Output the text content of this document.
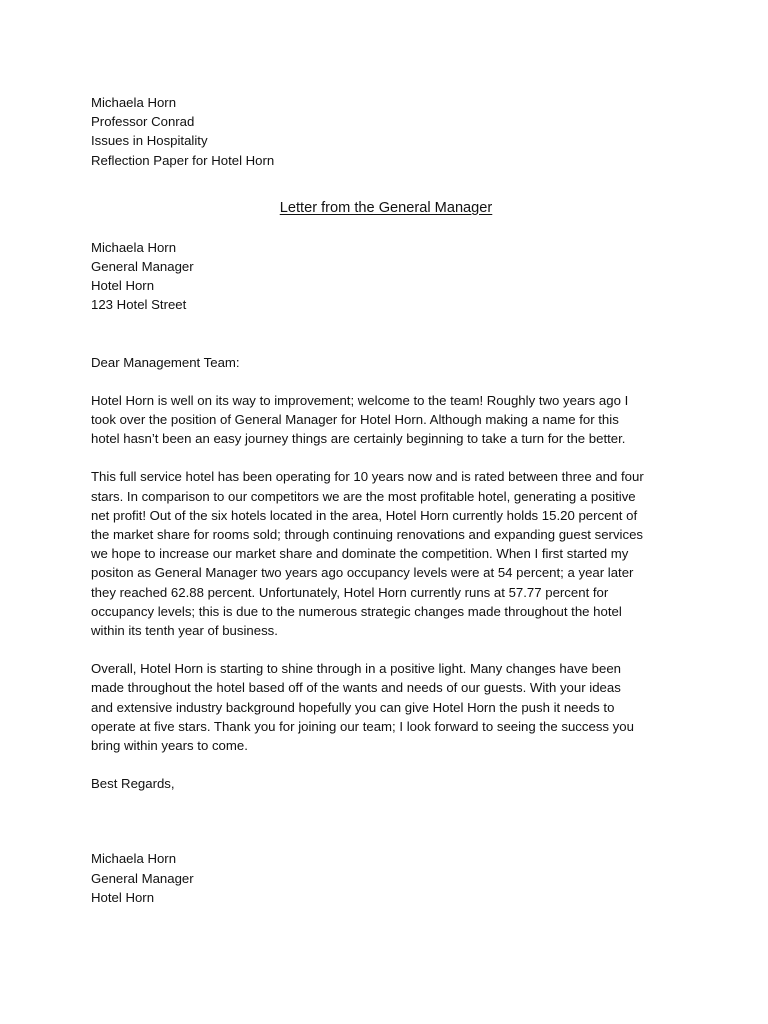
Michaela Horn
Professor Conrad
Issues in Hospitality
Reflection Paper for Hotel Horn
Letter from the General Manager
Michaela Horn
General Manager
Hotel Horn
123 Hotel Street

Dear Management Team:

Hotel Horn is well on its way to improvement; welcome to the team! Roughly two years ago I
took over the position of General Manager for Hotel Horn. Although making a name for this
hotel hasn’t been an easy journey things are certainly beginning to take a turn for the better.

This full service hotel has been operating for 10 years now and is rated between three and four
stars. In comparison to our competitors we are the most profitable hotel, generating a positive
net profit! Out of the six hotels located in the area, Hotel Horn currently holds 15.20 percent of
the market share for rooms sold; through continuing renovations and expanding guest services
we hope to increase our market share and dominate the competition. When I first started my
positon as General Manager two years ago occupancy levels were at 54 percent; a year later
they reached 62.88 percent. Unfortunately, Hotel Horn currently runs at 57.77 percent for
occupancy levels; this is due to the numerous strategic changes made throughout the hotel
within its tenth year of business.

Overall, Hotel Horn is starting to shine through in a positive light. Many changes have been
made throughout the hotel based off of the wants and needs of our guests. With your ideas
and extensive industry background hopefully you can give Hotel Horn the push it needs to
operate at five stars. Thank you for joining our team; I look forward to seeing the success you
bring within years to come.

Best Regards,

Michaela Horn
General Manager
Hotel Horn
